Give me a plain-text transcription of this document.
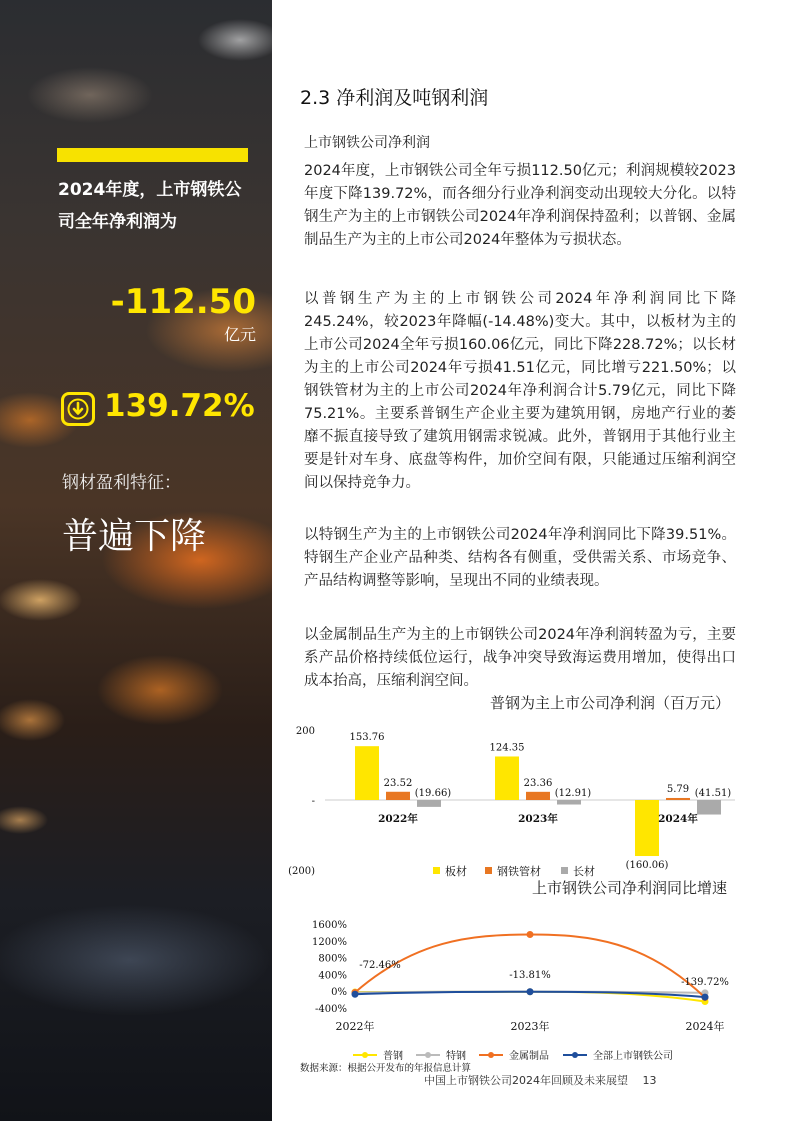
2024年度，上市钢铁公司全年净利润为
-112.50
亿元
139.72%
钢材盈利特征：
普遍下降
2.3 净利润及吨钢利润
上市钢铁公司净利润

2024年度，上市钢铁公司全年亏损112.50亿元；利润规模较2023年度下降139.72%，而各细分行业净利润变动出现较大分化。以特钢生产为主的上市钢铁公司2024年净利润保持盈利；以普钢、金属制品生产为主的上市公司2024年整体为亏损状态。

以普钢生产为主的上市钢铁公司2024年净利润同比下降245.24%，较2023年降幅(-14.48%)变大。其中，以板材为主的上市公司2024全年亏损160.06亿元，同比下降228.72%；以长材为主的上市公司2024年亏损41.51亿元，同比增亏221.50%；以钢铁管材为主的上市公司2024年净利润合计5.79亿元，同比下降75.21%。主要系普钢生产企业主要为建筑用钢，房地产行业的萎靡不振直接导致了建筑用钢需求锐减。此外，普钢用于其他行业主要是针对车身、底盘等构件，加价空间有限，只能通过压缩利润空间以保持竞争力。

以特钢生产为主的上市钢铁公司2024年净利润同比下降39.51%。特钢生产企业产品种类、结构各有侧重，受供需关系、市场竞争、产品结构调整等影响，呈现出不同的业绩表现。

以金属制品生产为主的上市钢铁公司2024年净利润转盈为亏，主要系产品价格持续低位运行，战争冲突导致海运费用增加，使得出口成本抬高，压缩利润空间。

普钢为主上市公司净利润（百万元）
200
-
(200)
153.76
23.52
(19.66)
2022年
124.35
23.36
(12.91)
2023年
(160.06)
5.79 (41.51)
2024年
板材	钢铁管材	长材
上市钢铁公司净利润同比增速
1600%
1200%
800%
400%
0%
-400%
2022年	2023年	2024年
-72.46%
-13.81%
-139.72%
普钢	特钢	金属制品	全部上市钢铁公司
数据来源：根据公开发布的年报信息计算
中国上市钢铁公司2024年回顾及未来展望 　13
